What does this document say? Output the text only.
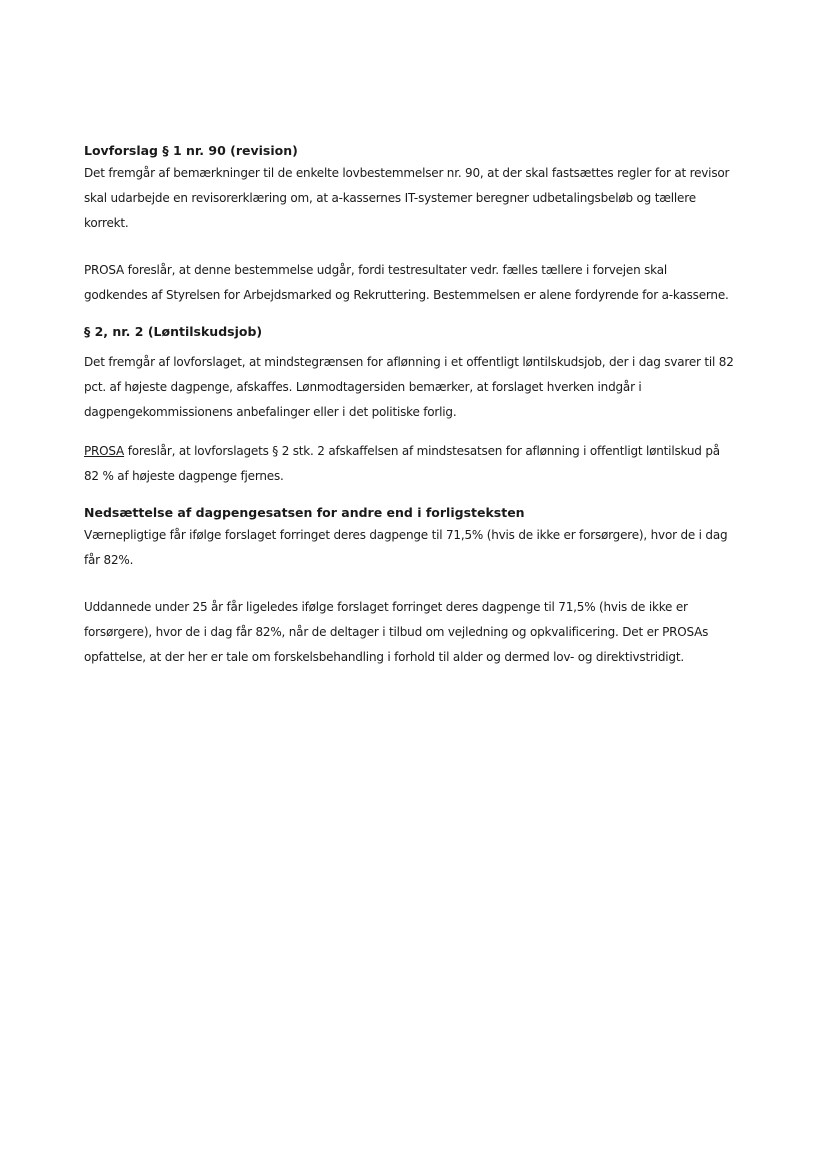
Lovforslag § 1 nr. 90 (revision)

Det fremgår af bemærkninger til de enkelte lovbestemmelser nr. 90, at der skal fastsættes regler for at revisor skal udarbejde en revisorerklæring om, at a-kassernes IT-systemer beregner udbetalingsbeløb og tællere korrekt.

PROSA foreslår, at denne bestemmelse udgår, fordi testresultater vedr. fælles tællere i forvejen skal godkendes af Styrelsen for Arbejdsmarked og Rekruttering. Bestemmelsen er alene fordyrende for a-kasserne.

§ 2, nr. 2 (Løntilskudsjob)

Det fremgår af lovforslaget, at mindstegrænsen for aflønning i et offentligt løntilskudsjob, der i dag svarer til 82 pct. af højeste dagpenge, afskaffes. Lønmodtagersiden bemærker, at forslaget hverken indgår i dagpengekommissionens anbefalinger eller i det politiske forlig.

PROSA foreslår, at lovforslagets § 2 stk. 2 afskaffelsen af mindstesatsen for aflønning i offentligt løntilskud på 82 % af højeste dagpenge fjernes.

Nedsættelse af dagpengesatsen for andre end i forligsteksten

Værnepligtige får ifølge forslaget forringet deres dagpenge til 71,5% (hvis de ikke er forsørgere), hvor de i dag får 82%.

Uddannede under 25 år får ligeledes ifølge forslaget forringet deres dagpenge til 71,5% (hvis de ikke er forsørgere), hvor de i dag får 82%, når de deltager i tilbud om vejledning og opkvalificering. Det er PROSAs opfattelse, at der her er tale om forskelsbehandling i forhold til alder og dermed lov- og direktivstridigt.
